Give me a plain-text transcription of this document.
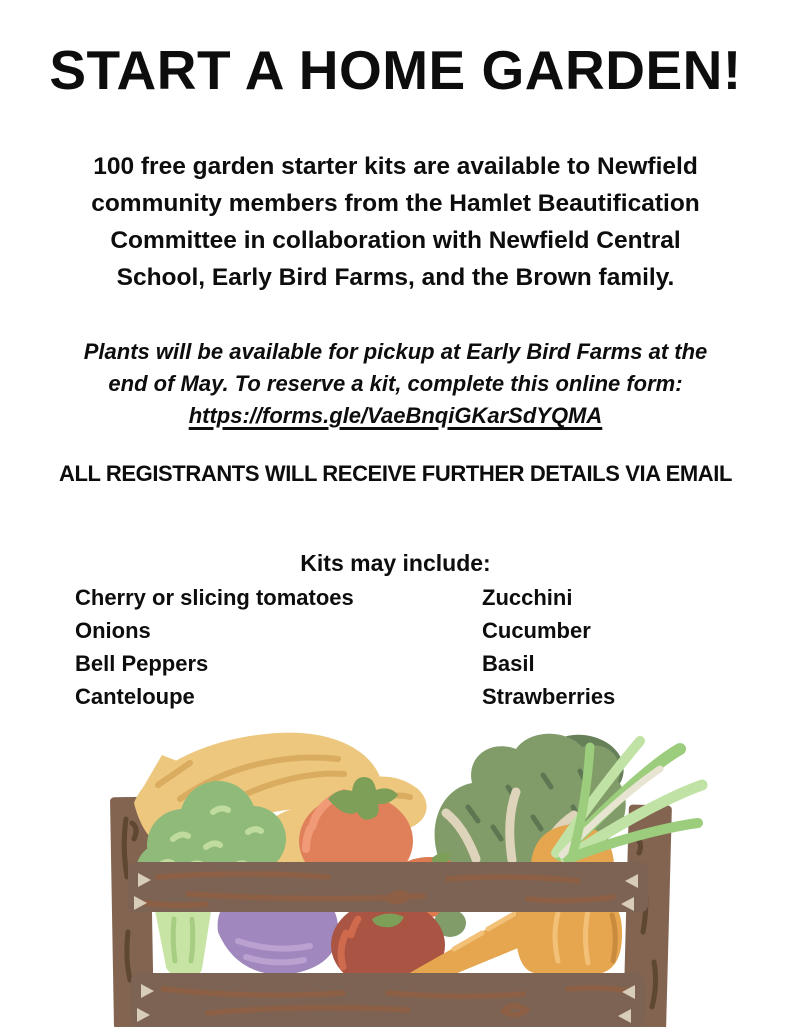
START A HOME GARDEN!
100 free garden starter kits are available to Newfield
community members from the Hamlet Beautification
Committee in collaboration with Newfield Central
School, Early Bird Farms, and the Brown family.
Plants will be available for pickup at Early Bird Farms at the
end of May. To reserve a kit, complete this online form:
https://forms.gle/VaeBnqiGKarSdYQMA
ALL REGISTRANTS WILL RECEIVE FURTHER DETAILS VIA EMAIL
Kits may include:
Cherry or slicing tomatoes
Onions
Bell Peppers
Canteloupe
Zucchini
Cucumber
Basil
Strawberries
